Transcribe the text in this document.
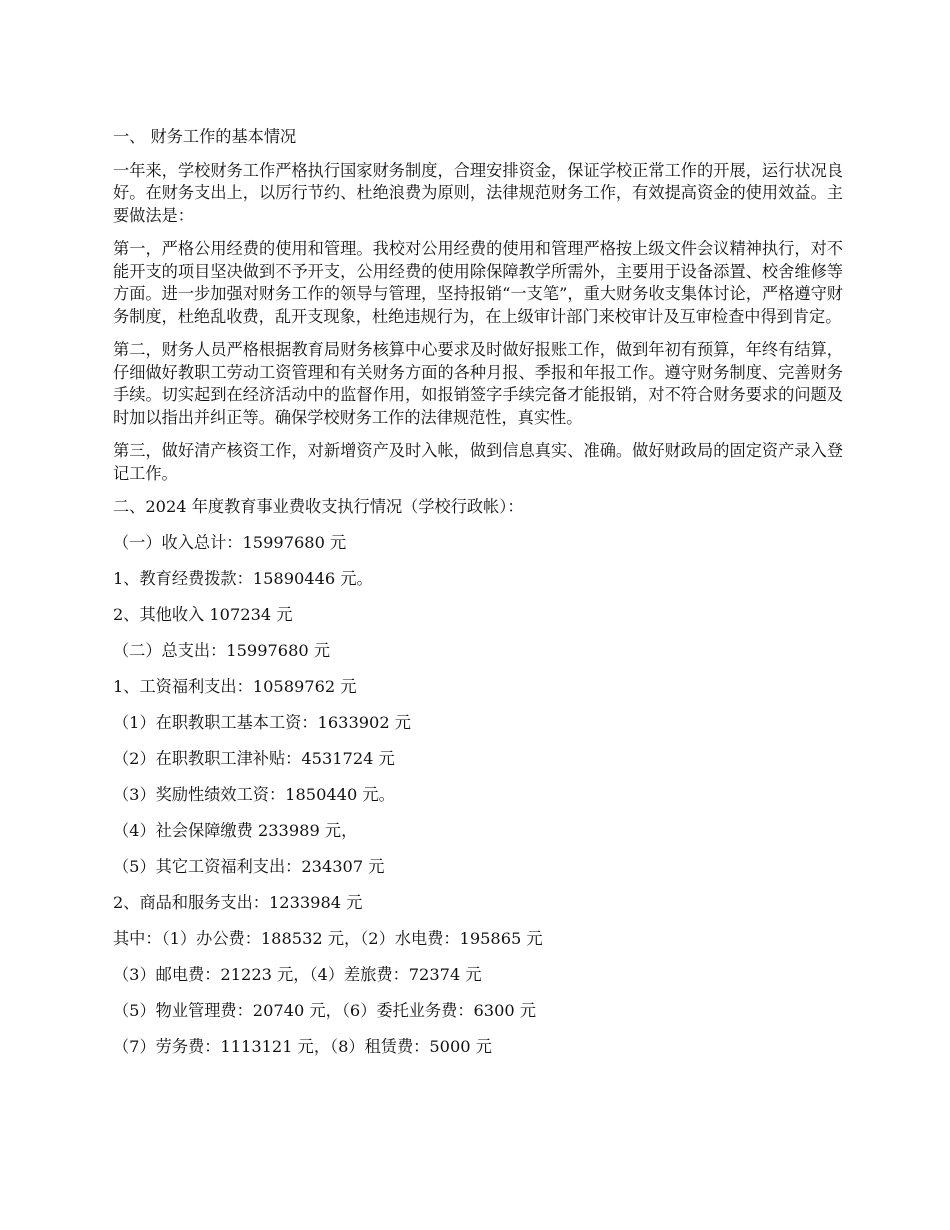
一、 财务工作的基本情况

一年来，学校财务工作严格执行国家财务制度，合理安排资金，保证学校正常工作的开展，运行状况良好。在财务支出上，以厉行节约、杜绝浪费为原则，法律规范财务工作，有效提高资金的使用效益。主要做法是：

第一，严格公用经费的使用和管理。我校对公用经费的使用和管理严格按上级文件会议精神执行，对不能开支的项目坚决做到不予开支，公用经费的使用除保障教学所需外，主要用于设备添置、校舍维修等方面。进一步加强对财务工作的领导与管理，坚持报销“一支笔”，重大财务收支集体讨论，严格遵守财务制度，杜绝乱收费，乱开支现象，杜绝违规行为，在上级审计部门来校审计及互审检查中得到肯定。

第二，财务人员严格根据教育局财务核算中心要求及时做好报账工作，做到年初有预算，年终有结算，仔细做好教职工劳动工资管理和有关财务方面的各种月报、季报和年报工作。遵守财务制度、完善财务手续。切实起到在经济活动中的监督作用，如报销签字手续完备才能报销，对不符合财务要求的问题及时加以指出并纠正等。确保学校财务工作的法律规范性，真实性。

第三，做好清产核资工作，对新增资产及时入帐，做到信息真实、准确。做好财政局的固定资产录入登记工作。

二、2024 年度教育事业费收支执行情况（学校行政帐）：

（一）收入总计：15997680 元

1、教育经费拨款：15890446 元。

2、其他收入 107234 元

（二）总支出：15997680 元

1、工资福利支出：10589762 元

（1）在职教职工基本工资：1633902 元

（2）在职教职工津补贴：4531724 元

（3）奖励性绩效工资：1850440 元。

（4）社会保障缴费 233989 元，

（5）其它工资福利支出：234307 元

2、商品和服务支出：1233984 元

其中：（1）办公费：188532 元，（2）水电费：195865 元

（3）邮电费：21223 元，（4）差旅费：72374 元

（5）物业管理费：20740 元，（6）委托业务费：6300 元

（7）劳务费：1113121 元，（8）租赁费：5000 元
